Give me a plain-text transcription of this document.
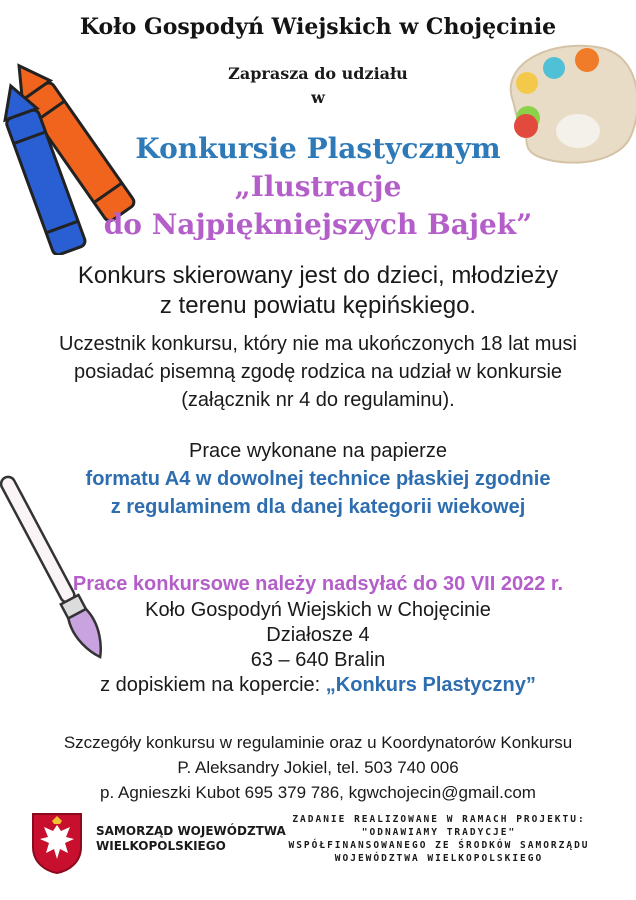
Koło Gospodyń Wiejskich w Chojęcinie
Zaprasza do udziału
w
Konkursie Plastycznym
„Ilustracje
do Najpiękniejszych Bajek”
Konkurs skierowany jest do dzieci, młodzieży
z terenu powiatu kępińskiego.
Uczestnik konkursu, który nie ma ukończonych 18 lat musi
posiadać pisemną zgodę rodzica na udział w konkursie
(załącznik nr 4 do regulaminu).
Prace wykonane na papierze
formatu A4 w dowolnej technice płaskiej zgodnie
z regulaminem dla danej kategorii wiekowej
Prace konkursowe należy nadsyłać do 30 VII 2022 r.
Koło Gospodyń Wiejskich w Chojęcinie
Działosze 4
63 – 640 Bralin
z dopiskiem na kopercie: „Konkurs Plastyczny”
Szczegóły konkursu w regulaminie oraz u Koordynatorów Konkursu
P. Aleksandry Jokiel, tel. 503 740 006
p. Agnieszki Kubot 695 379 786, kgwchojecin@gmail.com
SAMORZĄD WOJEWÓDZTWA
WIELKOPOLSKIEGO
ZADANIE REALIZOWANE W RAMACH PROJEKTU:
"ODNAWIAMY TRADYCJE"
WSPÓŁFINANSOWANEGO ZE ŚRODKÓW SAMORZĄDU
WOJEWÓDZTWA WIELKOPOLSKIEGO
